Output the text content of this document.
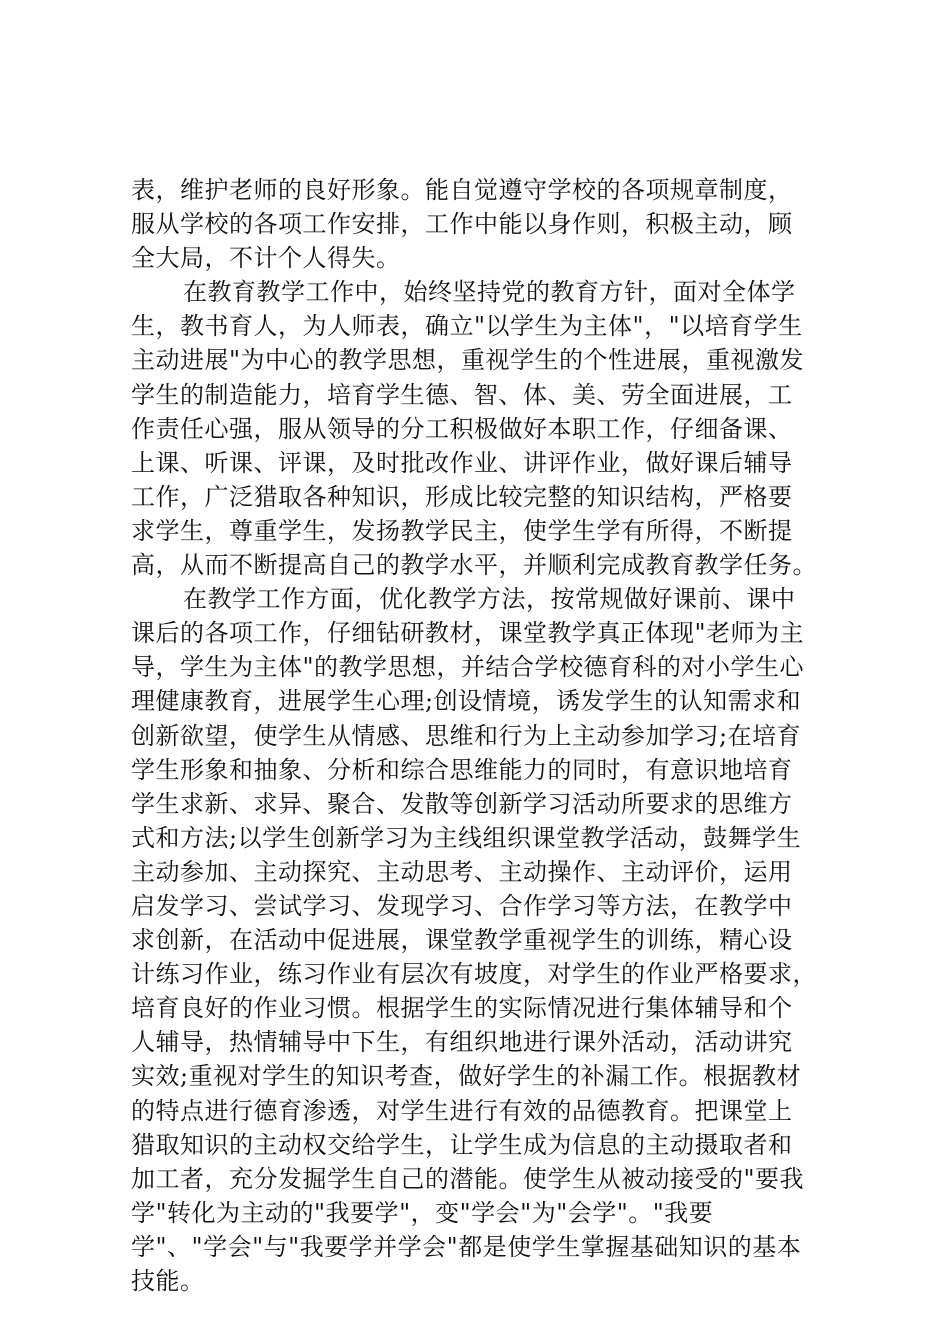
表，维护老师的良好形象。能自觉遵守学校的各项规章制度，
服从学校的各项工作安排，工作中能以身作则，积极主动，顾
全大局，不计个人得失。
在教育教学工作中，始终坚持党的教育方针，面对全体学
生，教书育人，为人师表，确立"以学生为主体"，"以培育学生
主动进展"为中心的教学思想，重视学生的个性进展，重视激发
学生的制造能力，培育学生德、智、体、美、劳全面进展，工
作责任心强，服从领导的分工积极做好本职工作，仔细备课、
上课、听课、评课，及时批改作业、讲评作业，做好课后辅导
工作，广泛猎取各种知识，形成比较完整的知识结构，严格要
求学生，尊重学生，发扬教学民主，使学生学有所得，不断提
高，从而不断提高自己的教学水平，并顺利完成教育教学任务。
在教学工作方面，优化教学方法，按常规做好课前、课中
课后的各项工作，仔细钻研教材，课堂教学真正体现"老师为主
导，学生为主体"的教学思想，并结合学校德育科的对小学生心
理健康教育，进展学生心理;创设情境，诱发学生的认知需求和
创新欲望，使学生从情感、思维和行为上主动参加学习;在培育
学生形象和抽象、分析和综合思维能力的同时，有意识地培育
学生求新、求异、聚合、发散等创新学习活动所要求的思维方
式和方法;以学生创新学习为主线组织课堂教学活动，鼓舞学生
主动参加、主动探究、主动思考、主动操作、主动评价，运用
启发学习、尝试学习、发现学习、合作学习等方法，在教学中
求创新，在活动中促进展，课堂教学重视学生的训练，精心设
计练习作业，练习作业有层次有坡度，对学生的作业严格要求，
培育良好的作业习惯。根据学生的实际情况进行集体辅导和个
人辅导，热情辅导中下生，有组织地进行课外活动，活动讲究
实效;重视对学生的知识考查，做好学生的补漏工作。根据教材
的特点进行德育渗透，对学生进行有效的品德教育。把课堂上
猎取知识的主动权交给学生，让学生成为信息的主动摄取者和
加工者，充分发掘学生自己的潜能。使学生从被动接受的"要我
学"转化为主动的"我要学"，变"学会"为"会学"。"我要
学"、"学会"与"我要学并学会"都是使学生掌握基础知识的基本
技能。
